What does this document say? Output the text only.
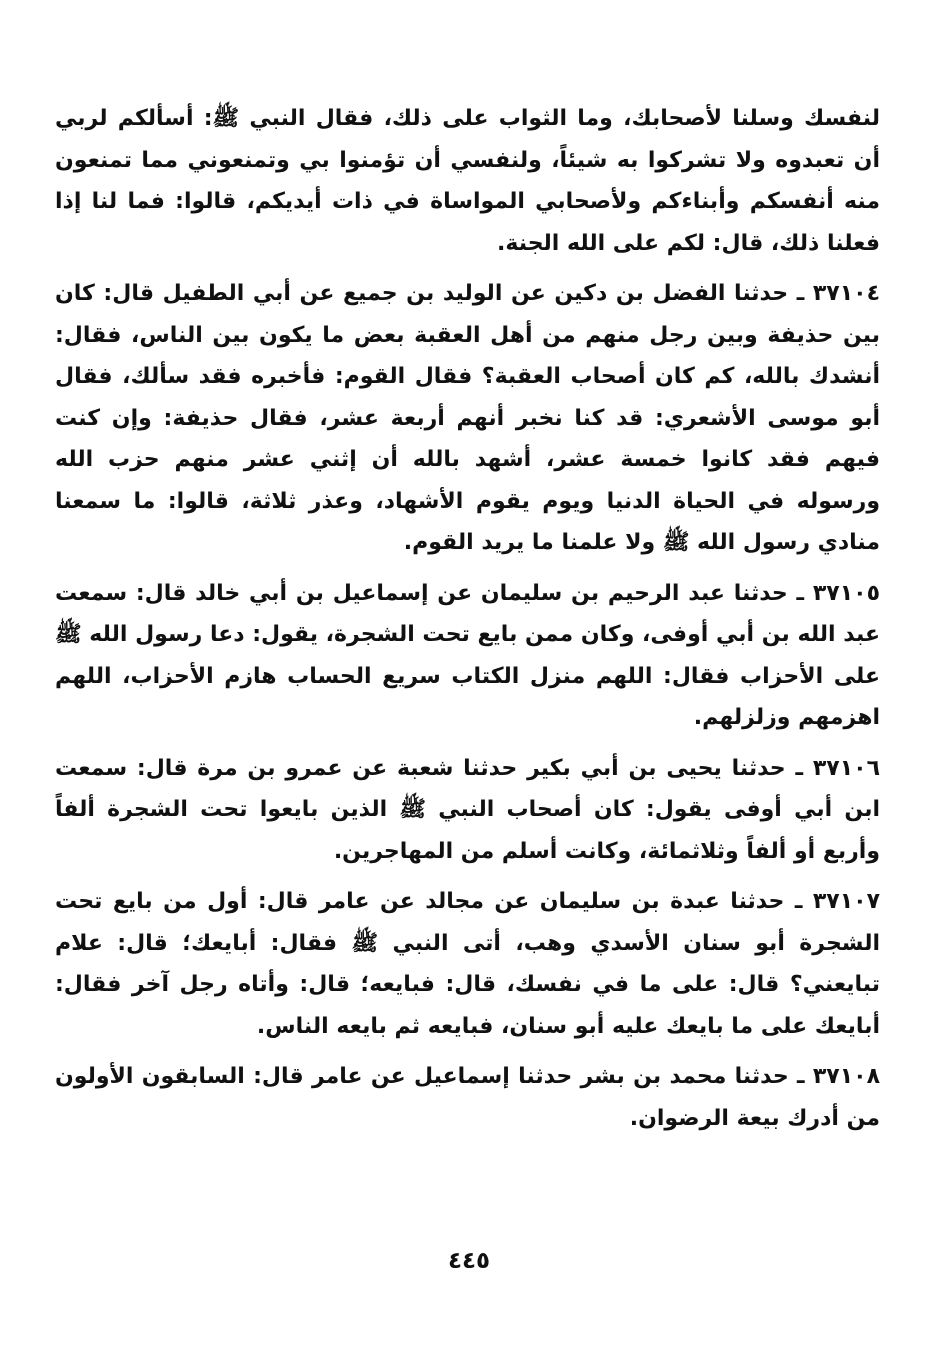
لنفسك وسلنا لأصحابك، وما الثواب على ذلك، فقال النبي ﷺ: أسألكم لربي أن تعبدوه ولا تشركوا به شيئاً، ولنفسي أن تؤمنوا بي وتمنعوني مما تمنعون منه أنفسكم وأبناءكم ولأصحابي المواساة في ذات أيديكم، قالوا: فما لنا إذا فعلنا ذلك، قال: لكم على الله الجنة.

٣٧١٠٤ ـ حدثنا الفضل بن دكين عن الوليد بن جميع عن أبي الطفيل قال: كان بين حذيفة وبين رجل منهم من أهل العقبة بعض ما يكون بين الناس، فقال: أنشدك بالله، كم كان أصحاب العقبة؟ فقال القوم: فأخبره فقد سألك، فقال أبو موسى الأشعري: قد كنا نخبر أنهم أربعة عشر، فقال حذيفة: وإن كنت فيهم فقد كانوا خمسة عشر، أشهد بالله أن إثني عشر منهم حزب الله ورسوله في الحياة الدنيا ويوم يقوم الأشهاد، وعذر ثلاثة، قالوا: ما سمعنا منادي رسول الله ﷺ ولا علمنا ما يريد القوم.

٣٧١٠٥ ـ حدثنا عبد الرحيم بن سليمان عن إسماعيل بن أبي خالد قال: سمعت عبد الله بن أبي أوفى، وكان ممن بايع تحت الشجرة، يقول: دعا رسول الله ﷺ على الأحزاب فقال: اللهم منزل الكتاب سريع الحساب هازم الأحزاب، اللهم اهزمهم وزلزلهم.

٣٧١٠٦ ـ حدثنا يحيى بن أبي بكير حدثنا شعبة عن عمرو بن مرة قال: سمعت ابن أبي أوفى يقول: كان أصحاب النبي ﷺ الذين بايعوا تحت الشجرة ألفاً وأربع أو ألفاً وثلاثمائة، وكانت أسلم من المهاجرين.

٣٧١٠٧ ـ حدثنا عبدة بن سليمان عن مجالد عن عامر قال: أول من بايع تحت الشجرة أبو سنان الأسدي وهب، أتى النبي ﷺ فقال: أبايعك؛ قال: علام تبايعني؟ قال: على ما في نفسك، قال: فبايعه؛ قال: وأتاه رجل آخر فقال: أبايعك على ما بايعك عليه أبو سنان، فبايعه ثم بايعه الناس.

٣٧١٠٨ ـ حدثنا محمد بن بشر حدثنا إسماعيل عن عامر قال: السابقون الأولون من أدرك بيعة الرضوان.

٤٤٥
